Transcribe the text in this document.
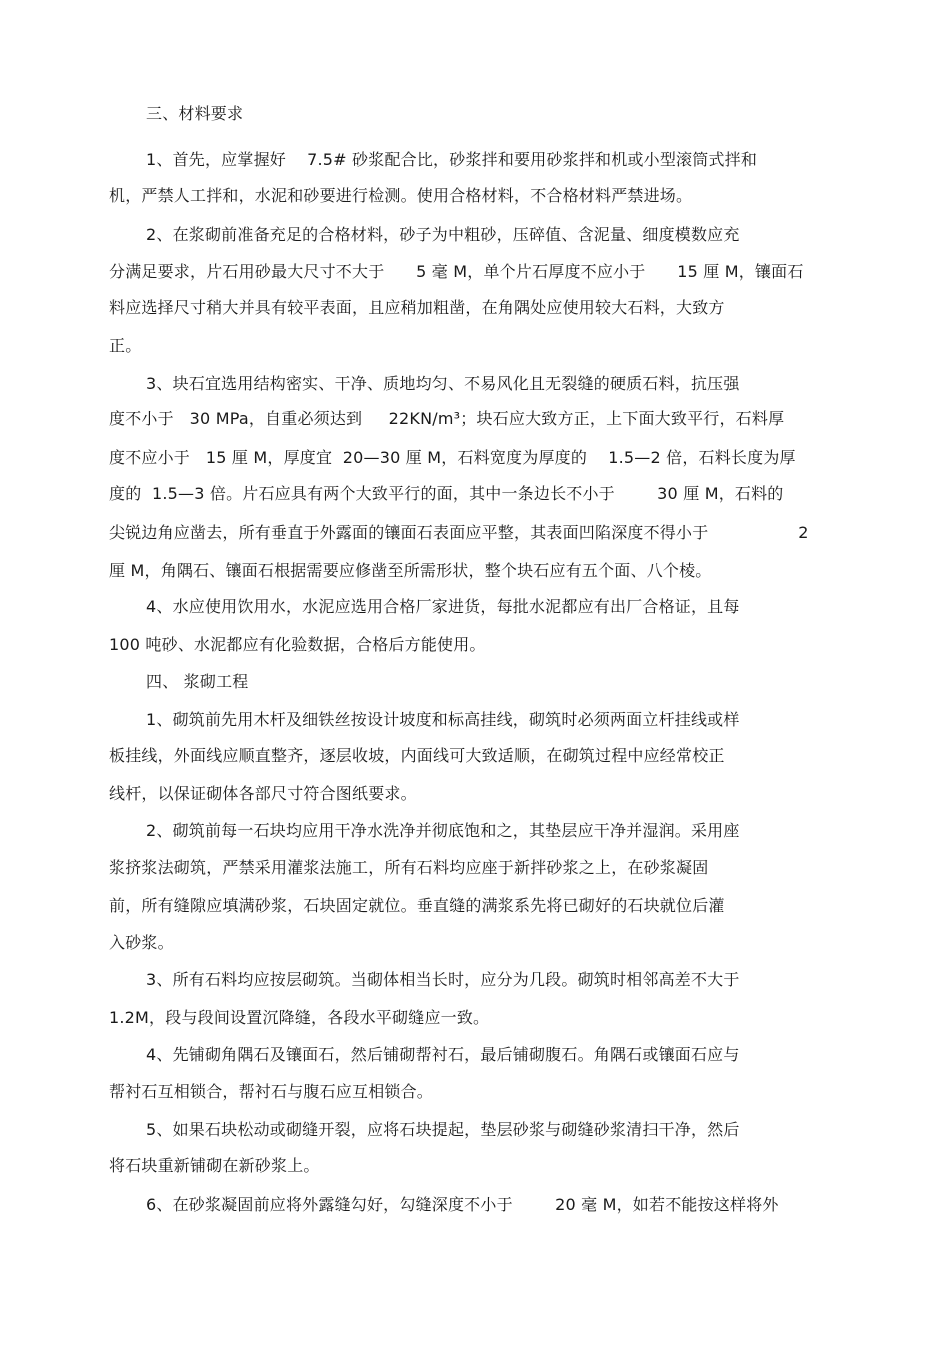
三、材料要求
1、首先，应掌握好    7.5# 砂浆配合比，砂浆拌和要用砂浆拌和机或小型滚筒式拌和
机，严禁人工拌和，水泥和砂要进行检测。使用合格材料，不合格材料严禁进场。
2、在浆砌前准备充足的合格材料，砂子为中粗砂，压碎值、含泥量、细度模数应充
分满足要求，片石用砂最大尺寸不大于      5 毫 M，单个片石厚度不应小于      15 厘 M，镶面石
料应选择尺寸稍大并具有较平表面，且应稍加粗凿，在角隅处应使用较大石料，大致方
正。
3、块石宜选用结构密实、干净、质地均匀、不易风化且无裂缝的硬质石料，抗压强
度不小于   30 MPa，自重必须达到     22KN/m³；块石应大致方正，上下面大致平行，石料厚
度不应小于   15 厘 M，厚度宜  20—30 厘 M，石料宽度为厚度的    1.5—2 倍，石料长度为厚
度的  1.5—3 倍。片石应具有两个大致平行的面，其中一条边长不小于        30 厘 M，石料的
尖锐边角应凿去，所有垂直于外露面的镶面石表面应平整，其表面凹陷深度不得小于                 2
厘 M，角隅石、镶面石根据需要应修凿至所需形状，整个块石应有五个面、八个棱。
4、水应使用饮用水，水泥应选用合格厂家进货，每批水泥都应有出厂合格证，且每
100 吨砂、水泥都应有化验数据，合格后方能使用。
四、 浆砌工程
1、砌筑前先用木杆及细铁丝按设计坡度和标高挂线，砌筑时必须两面立杆挂线或样
板挂线，外面线应顺直整齐，逐层收坡，内面线可大致适顺，在砌筑过程中应经常校正
线杆，以保证砌体各部尺寸符合图纸要求。
2、砌筑前每一石块均应用干净水洗净并彻底饱和之，其垫层应干净并湿润。采用座
浆挤浆法砌筑，严禁采用灌浆法施工，所有石料均应座于新拌砂浆之上，在砂浆凝固
前，所有缝隙应填满砂浆，石块固定就位。垂直缝的满浆系先将已砌好的石块就位后灌
入砂浆。
3、所有石料均应按层砌筑。当砌体相当长时，应分为几段。砌筑时相邻高差不大于
1.2M，段与段间设置沉降缝，各段水平砌缝应一致。
4、先铺砌角隅石及镶面石，然后铺砌帮衬石，最后铺砌腹石。角隅石或镶面石应与
帮衬石互相锁合，帮衬石与腹石应互相锁合。
5、如果石块松动或砌缝开裂，应将石块提起，垫层砂浆与砌缝砂浆清扫干净，然后
将石块重新铺砌在新砂浆上。
6、在砂浆凝固前应将外露缝勾好，勾缝深度不小于        20 毫 M，如若不能按这样将外
